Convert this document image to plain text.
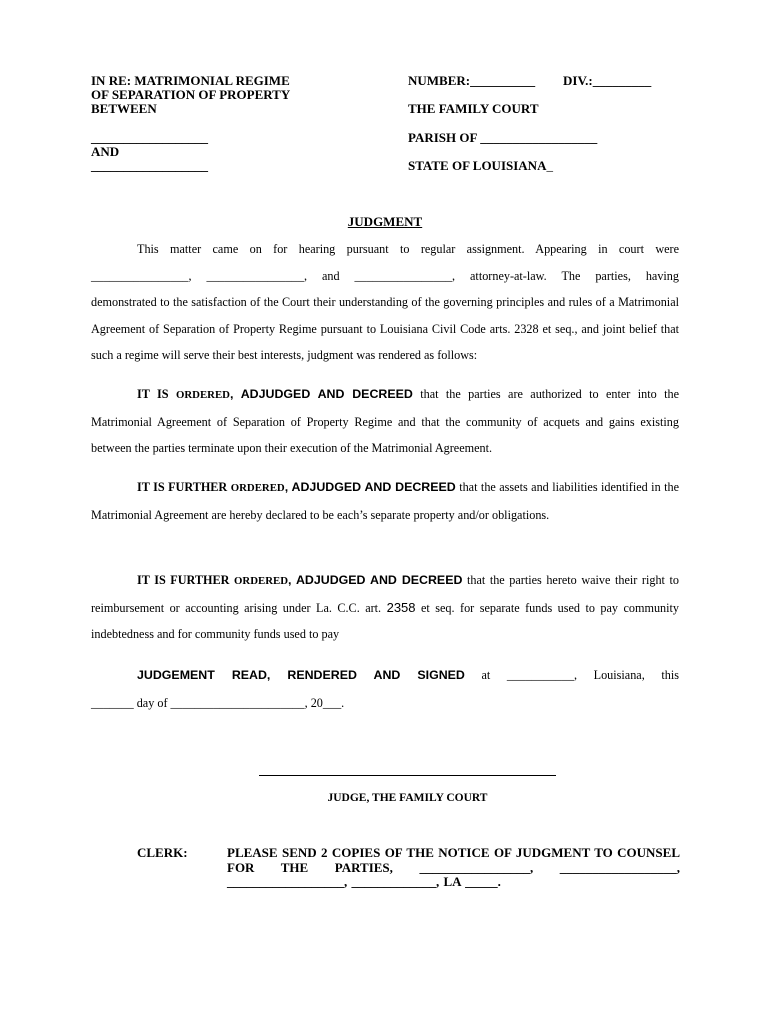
IN RE: MATRIMONIAL REGIME
OF SEPARATION OF PROPERTY
BETWEEN
__________________
AND
__________________
NUMBER:__________ DIV.:_________
THE FAMILY COURT
PARISH OF __________________
STATE OF LOUISIANA_
JUDGMENT
This matter came on for hearing pursuant to regular assignment. Appearing in court were
________________, ________________, and ________________, attorney-at-law. The parties, having
demonstrated to the satisfaction of the Court their understanding of the governing principles and rules of a Matrimonial Agreement of Separation of Property Regime pursuant to Louisiana Civil Code arts. 2328 et seq., and joint belief that such a regime will serve their best interests, judgment was rendered as follows:
IT IS ORDERED, ADJUDGED AND DECREED that the parties are authorized to enter into the Matrimonial Agreement of Separation of Property Regime and that the community of acquets and gains existing between the parties terminate upon their execution of the Matrimonial Agreement.
IT IS FURTHER ORDERED, ADJUDGED AND DECREED that the assets and liabilities identified in the Matrimonial Agreement are hereby declared to be each’s separate property and/or obligations.
IT IS FURTHER ORDERED, ADJUDGED AND DECREED that the parties hereto waive their right to reimbursement or accounting arising under La. C.C. art. 2358 et seq. for separate funds used to pay community indebtedness and for community funds used to pay
JUDGEMENT READ, RENDERED AND SIGNED at ___________, Louisiana, this
_______ day of ______________________, 20___.
JUDGE, THE FAMILY COURT
CLERK:	PLEASE SEND 2 COPIES OF THE NOTICE OF JUDGMENT TO COUNSEL FOR THE PARTIES, _________________, __________________, __________________, _____________, LA _____.
